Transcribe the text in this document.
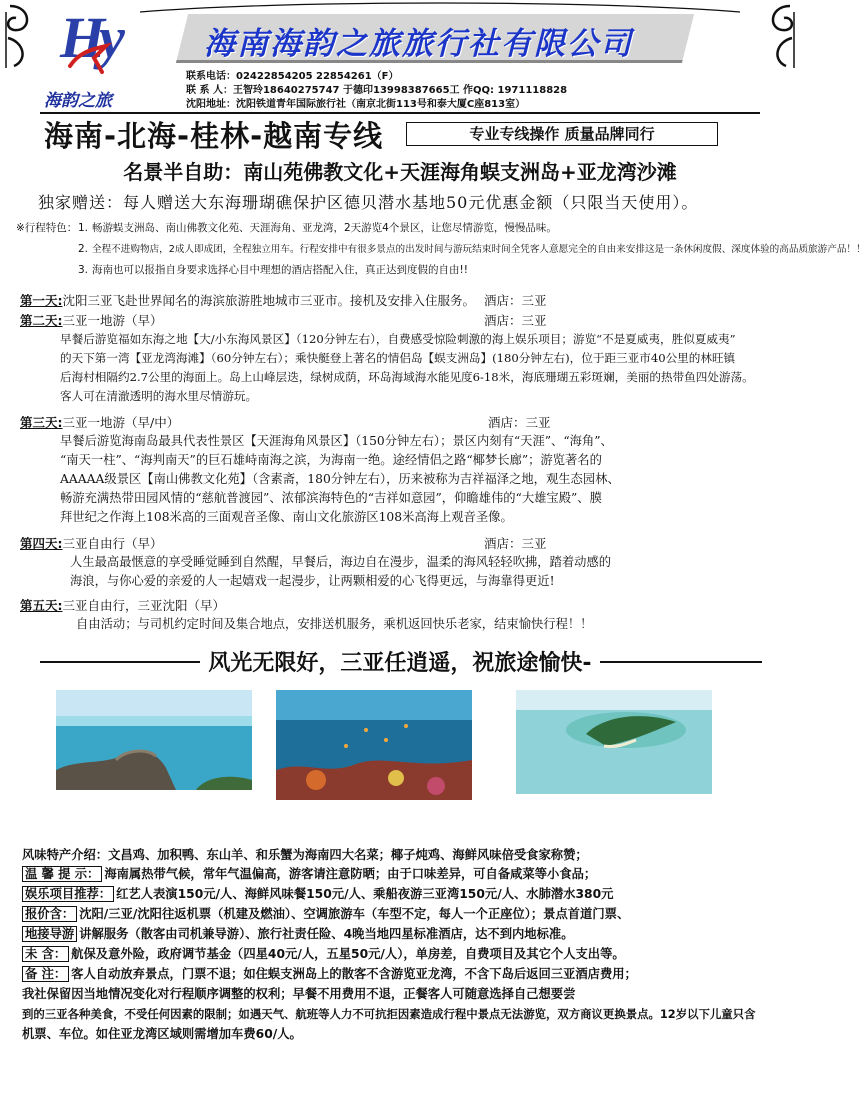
Hy
海韵之旅
海南海韵之旅旅行社有限公司
联系电话：02422854205 22854261（F）
联 系 人：王智玲18640275747 于德印13998387665工 作QQ: 1971118828
沈阳地址：沈阳铁道青年国际旅行社（南京北街113号和泰大厦C座813室）
海南-北海-桂林-越南专线	专业专线操作 质量品牌同行
名景半自助：南山苑佛教文化+天涯海角蜈支洲岛+亚龙湾沙滩
独家赠送：每人赠送大东海珊瑚礁保护区德贝潜水基地50元优惠金额（只限当天使用）。
※行程特色：1. 畅游蜈支洲岛、南山佛教文化苑、天涯海角、亚龙湾，2天游览4个景区，让您尽情游览，慢慢品味。
2. 全程不进购物店，2成人即成团，全程独立用车。行程安排中有很多景点的出发时间与游玩结束时间全凭客人意愿完全的自由来安排这是一条休闲度假、深度体验的高品质旅游产品！！
3. 海南也可以报指自身要求选择心目中理想的酒店搭配入住，真正达到度假的自由!!
第一天:沈阳三亚飞赴世界闻名的海滨旅游胜地城市三亚市。接机及安排入住服务。 酒店：三亚
第二天:三亚一地游（早）	酒店：三亚
早餐后游览福如东海之地【大/小东海风景区】（120分钟左右），自费感受惊险刺激的海上娱乐项目；游览“不是夏威夷，胜似夏威夷”
的天下第一湾【亚龙湾海滩】（60分钟左右）；乘快艇登上著名的情侣岛【蜈支洲岛】(180分钟左右)，位于距三亚市40公里的林旺镇
后海村相隔约2.7公里的海面上。岛上山峰层迭，绿树成荫，环岛海域海水能见度6-18米，海底珊瑚五彩斑斓，美丽的热带鱼四处游荡。
客人可在清澈透明的海水里尽情游玩。
第三天:三亚一地游（早/中）	酒店：三亚
早餐后游览海南岛最具代表性景区【天涯海角风景区】（150分钟左右）；景区内刻有“天涯”、“海角”、
“南天一柱”、“海判南天”的巨石雄峙南海之滨，为海南一绝。途经情侣之路“椰梦长廊”；游览著名的
AAAAA级景区【南山佛教文化苑】（含素斋，180分钟左右），历来被称为吉祥福泽之地，观生态园林、
畅游充满热带田园风情的“慈航普渡园”、浓郁滨海特色的“吉祥如意园”，仰瞻雄伟的“大雄宝殿”、膜
拜世纪之作海上108米高的三面观音圣像、南山文化旅游区108米高海上观音圣像。
第四天:三亚自由行（早）	酒店：三亚
人生最高最惬意的享受睡觉睡到自然醒，早餐后，海边自在漫步，温柔的海风轻轻吹拂，踏着动感的
海浪，与你心爱的亲爱的人一起嬉戏一起漫步，让两颗相爱的心飞得更远，与海靠得更近!
第五天:三亚自由行，三亚沈阳（早）
自由活动；与司机约定时间及集合地点，安排送机服务，乘机返回快乐老家，结束愉快行程！！
风光无限好，三亚任逍遥，祝旅途愉快-
风味特产介绍：文昌鸡、加积鸭、东山羊、和乐蟹为海南四大名菜；椰子炖鸡、海鲜风味倍受食家称赞；
温 馨 提 示： 海南属热带气候，常年气温偏高，游客请注意防晒；由于口味差异，可自备咸菜等小食品；
娱乐项目推荐： 红艺人表演150元/人、海鲜风味餐150元/人、乘船夜游三亚湾150元/人、水肺潜水380元
报价含： 沈阳/三亚/沈阳往返机票（机建及燃油）、空调旅游车（车型不定，每人一个正座位）；景点首道门票、
地接导游 讲解服务（散客由司机兼导游）、旅行社责任险、4晚当地四星标准酒店，达不到内地标准。
未 含： 航保及意外险，政府调节基金（四星40元/人，五星50元/人），单房差，自费项目及其它个人支出等。
备 注： 客人自动放弃景点，门票不退；如住蜈支洲岛上的散客不含游览亚龙湾，不含下岛后返回三亚酒店费用；
我社保留因当地情况变化对行程顺序调整的权利；早餐不用费用不退，正餐客人可随意选择自己想要尝
到的三亚各种美食，不受任何因素的限制；如遇天气、航班等人力不可抗拒因素造成行程中景点无法游览，双方商议更换景点。12岁以下儿童只含
机票、车位。如住亚龙湾区域则需增加车费60/人。
